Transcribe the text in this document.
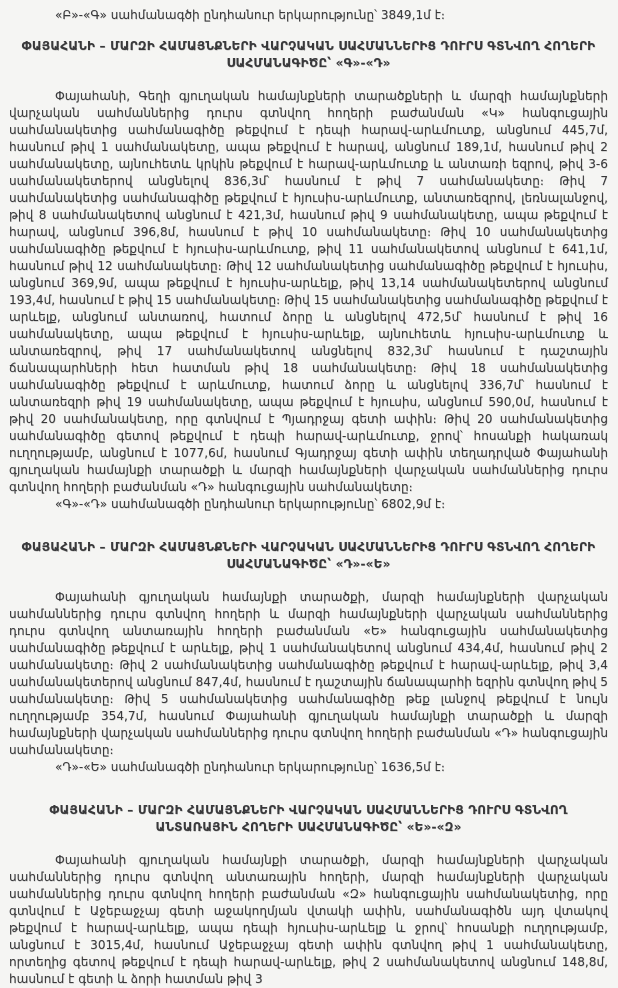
«Բ»-«Գ» սահմանագծի ընդհանուր երկարությունը՝ 3849,1մ է։

ՓԱՅԱՀԱՆԻ – ՄԱՐԶԻ ՀԱՄԱՅՆՔՆԵՐԻ ՎԱՐՉԱԿԱՆ ՍԱՀՄԱՆՆԵՐԻՑ ԴՈՒՐՍ ԳՏՆՎՈՂ ՀՈՂԵՐԻ ՍԱՀՄԱՆԱԳԻԾԸ՝ «Գ»-«Դ»

Փայահանի, Գեղի գյուղական համայնքների տարածքների և մարզի համայնքների վարչական սահմաններից դուրս գտնվող հողերի բաժանման «Կ» հանգուցային սահմանակետից սահմանագիծը թեքվում է դեպի հարավ-արևմուտք, անցնում 445,7մ, հասնում թիվ 1 սահմանակետը, ապա թեքվում է հարավ, անցնում 189,1մ, հասնում թիվ 2 սահմանակետը, այնուհետև կրկին թեքվում է հարավ-արևմուտք և անտառի եզրով, թիվ 3-6 սահմանակետերով անցնելով 836,3մ՝ հասնում է թիվ 7 սահմանակետը։ Թիվ 7 սահմանակետից սահմանագիծը թեքվում է հյուսիս-արևմուտք, անտառեզրով, լեռնալանջով, թիվ 8 սահմանակետով անցնում է 421,3մ, հասնում թիվ 9 սահմանակետը, ապա թեքվում է հարավ, անցնում 396,8մ, հասնում է թիվ 10 սահմանակետը։ Թիվ 10 սահմանակետից սահմանագիծը թեքվում է հյուսիս-արևմուտք, թիվ 11 սահմանակետով անցնում է 641,1մ, հասնում թիվ 12 սահմանակետը։ Թիվ 12 սահմանակետից սահմանագիծը թեքվում է հյուսիս, անցնում 369,9մ, ապա թեքվում է հյուսիս-արևելք, թիվ 13,14 սահմանակետերով անցնում 193,4մ, հասնում է թիվ 15 սահմանակետը։ Թիվ 15 սահմանակետից սահմանագիծը թեքվում է արևելք, անցնում անտառով, հատում ձորը և անցնելով 472,5մ՝ հասնում է թիվ 16 սահմանակետը, ապա թեքվում է հյուսիս-արևելք, այնուհետև հյուսիս-արևմուտք և անտառեզրով, թիվ 17 սահմանակետով անցնելով 832,3մ՝ հասնում է դաշտային ճանապարհների հետ հատման թիվ 18 սահմանակետը։ Թիվ 18 սահմանակետից սահմանագիծը թեքվում է արևմուտք, հատում ձորը և անցնելով 336,7մ՝ հասնում է անտառեզրի թիվ 19 սահմանակետը, ապա թեքվում է հյուսիս, անցնում 590,0մ, հասնում է թիվ 20 սահմանակետը, որը գտնվում է Պյադրջայ գետի ափին։ Թիվ 20 սահմանակետից սահմանագիծը գետով թեքվում է դեպի հարավ-արևմուտք, ջրով՝ հոսանքի հակառակ ուղղությամբ, անցնում է 1077,6մ, հասնում Գյադրջայ գետի ափին տեղադրված Փայահանի գյուղական համայնքի տարածքի և մարզի համայնքների վարչական սահմաններից դուրս գտնվող հողերի բաժանման «Դ» հանգուցային սահմանակետը։

«Գ»-«Դ» սահմանագծի ընդհանուր երկարությունը՝ 6802,9մ է։

ՓԱՅԱՀԱՆԻ – ՄԱՐԶԻ ՀԱՄԱՅՆՔՆԵՐԻ ՎԱՐՉԱԿԱՆ ՍԱՀՄԱՆՆԵՐԻՑ ԴՈՒՐՍ ԳՏՆՎՈՂ ՀՈՂԵՐԻ ՍԱՀՄԱՆԱԳԻԾԸ՝ «Դ»-«Ե»

Փայահանի գյուղական համայնքի տարածքի, մարզի համայնքների վարչական սահմաններից դուրս գտնվող հողերի և մարզի համայնքների վարչական սահմաններից դուրս գտնվող անտառային հողերի բաժանման «Ե» հանգուցային սահմանակետից սահմանագիծը թեքվում է արևելք, թիվ 1 սահմանակետով անցնում 434,4մ, հասնում թիվ 2 սահմանակետը։ Թիվ 2 սահմանակետից սահմանագիծը թեքվում է հարավ-արևելք, թիվ 3,4 սահմանակետերով անցնում 847,4մ, հասնում է դաշտային ճանապարհի եզրին գտնվող թիվ 5 սահմանակետը։ Թիվ 5 սահմանակետից սահմանագիծը թեք լանջով թեքվում է նույն ուղղությամբ 354,7մ, հասնում Փայահանի գյուղական համայնքի տարածքի և մարզի համայնքների վարչական սահմաններից դուրս գտնվող հողերի բաժանման «Դ» հանգուցային սահմանակետը։

«Դ»-«Ե» սահմանագծի ընդհանուր երկարությունը՝ 1636,5մ է։

ՓԱՅԱՀԱՆԻ – ՄԱՐԶԻ ՀԱՄԱՅՆՔՆԵՐԻ ՎԱՐՉԱԿԱՆ ՍԱՀՄԱՆՆԵՐԻՑ ԴՈՒՐՍ ԳՏՆՎՈՂ ԱՆՏԱՌԱՅԻՆ ՀՈՂԵՐԻ ՍԱՀՄԱՆԱԳԻԾԸ՝ «Ե»-«Զ»

Փայահանի գյուղական համայնքի տարածքի, մարզի համայնքների վարչական սահմաններից դուրս գտնվող անտառային հողերի, մարզի համայնքների վարչական սահմաններից դուրս գտնվող հողերի բաժանման «Զ» հանգուցային սահմանակետից, որը գտնվում է Աջեբաջչայ գետի աջակողմյան վտակի ափին, սահմանագիծն այդ վտակով թեքվում է հարավ-արևելք, ապա դեպի հյուսիս-արևելք և ջրով՝ հոսանքի ուղղությամբ, անցնում է 3015,4մ, հասնում Աջեբաջչայ գետի ափին գտնվող թիվ 1 սահմանակետը, որտեղից գետով թեքվում է դեպի հարավ-արևելք, թիվ 2 սահմանակետով անցնում 148,8մ, հասնում է գետի և ձորի հատման թիվ 3
